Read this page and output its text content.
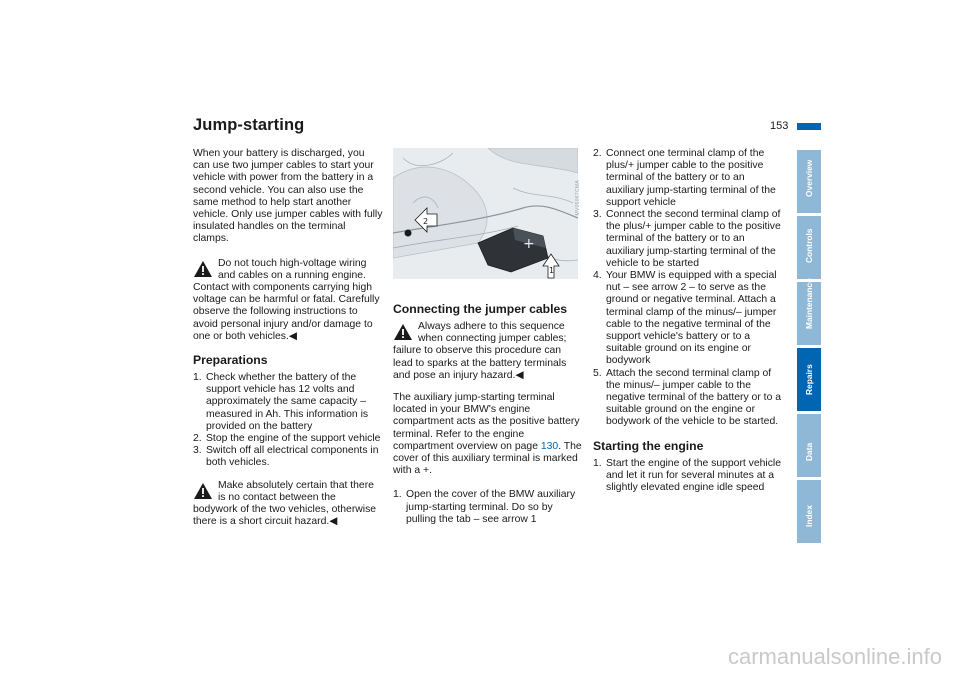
Jump-starting	153

When your battery is discharged, you can use two jumper cables to start your vehicle with power from the battery in a second vehicle. You can also use the same method to help start another vehicle. Only use jumper cables with fully insulated handles on the terminal clamps.

Do not touch high-voltage wiring and cables on a running engine. Contact with components carrying high voltage can be harmful or fatal. Carefully observe the following instructions to avoid personal injury and/or damage to one or both vehicles.◀
Preparations
1. Check whether the battery of the support vehicle has 12 volts and approximately the same capacity – measured in Ah. This information is provided on the battery
2. Stop the engine of the support vehicle
3. Switch off all electrical components in both vehicles.
Make absolutely certain that there is no contact between the bodywork of the two vehicles, otherwise there is a short circuit hazard.◀
+
2
1
MV05067CMA
Connecting the jumper cables
Always adhere to this sequence when connecting jumper cables; failure to observe this procedure can lead to sparks at the battery terminals and pose an injury hazard.◀

The auxiliary jump-starting terminal located in your BMW's engine compartment acts as the positive battery terminal. Refer to the engine compartment overview on page 130. The cover of this auxiliary terminal is marked with a +.

1. Open the cover of the BMW auxiliary jump-starting terminal. Do so by pulling the tab – see arrow 1
2. Connect one terminal clamp of the plus/+ jumper cable to the positive terminal of the battery or to an auxiliary jump-starting terminal of the support vehicle
3. Connect the second terminal clamp of the plus/+ jumper cable to the positive terminal of the battery or to an auxiliary jump-starting terminal of the vehicle to be started
4. Your BMW is equipped with a special nut – see arrow 2 – to serve as the ground or negative terminal. Attach a terminal clamp of the minus/– jumper cable to the negative terminal of the support vehicle's battery or to a suitable ground on its engine or bodywork
5. Attach the second terminal clamp of the minus/– jumper cable to the negative terminal of the battery or to a suitable ground on the engine or bodywork of the vehicle to be started.
Starting the engine
1. Start the engine of the support vehicle and let it run for several minutes at a slightly elevated engine idle speed
Overview
Controls
Maintenance
Repairs
Data
Index
carmanualsonline.info
